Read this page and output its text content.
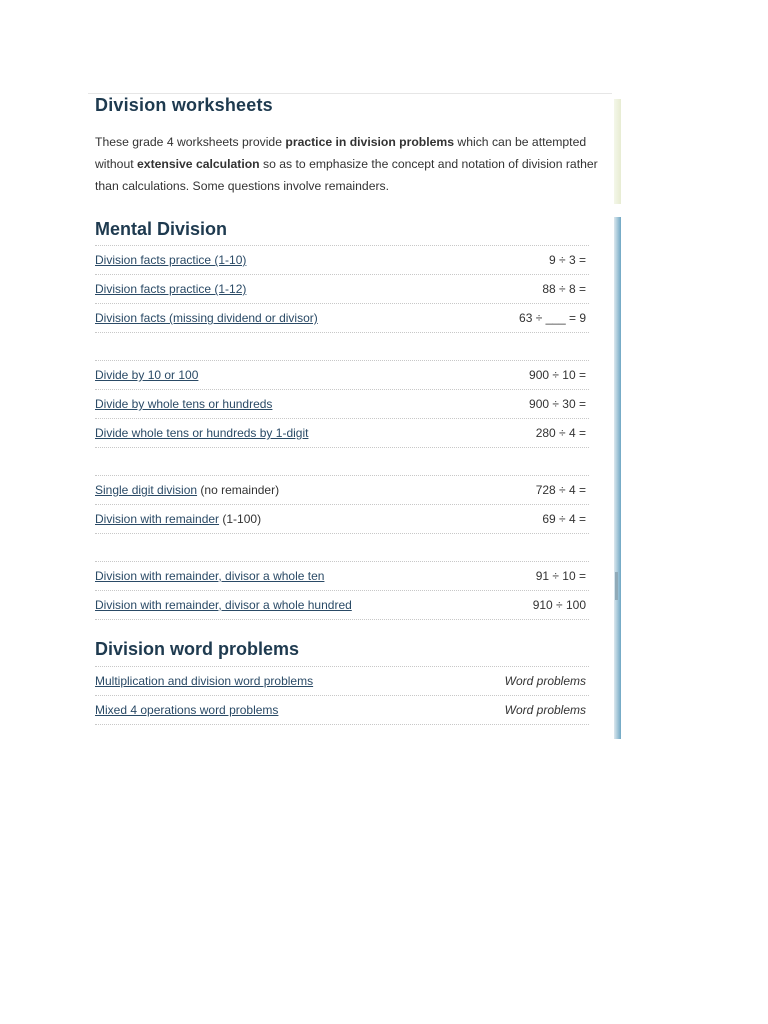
Division worksheets

These grade 4 worksheets provide practice in division problems which can be attempted without extensive calculation so as to emphasize the concept and notation of division rather than calculations. Some questions involve remainders.

Mental Division
Division facts practice (1-10)	9 ÷ 3 =
Division facts practice (1-12)	88 ÷ 8 =
Division facts (missing dividend or divisor)	63 ÷ ___ = 9
Divide by 10 or 100	900 ÷ 10 =
Divide by whole tens or hundreds	900 ÷ 30 =
Divide whole tens or hundreds by 1-digit	280 ÷ 4 =
Single digit division (no remainder)	728 ÷ 4 =
Division with remainder (1-100)	69 ÷ 4 =
Division with remainder, divisor a whole ten	91 ÷ 10 =
Division with remainder, divisor a whole hundred	910 ÷ 100
Division word problems
Multiplication and division word problems	Word problems
Mixed 4 operations word problems	Word problems
